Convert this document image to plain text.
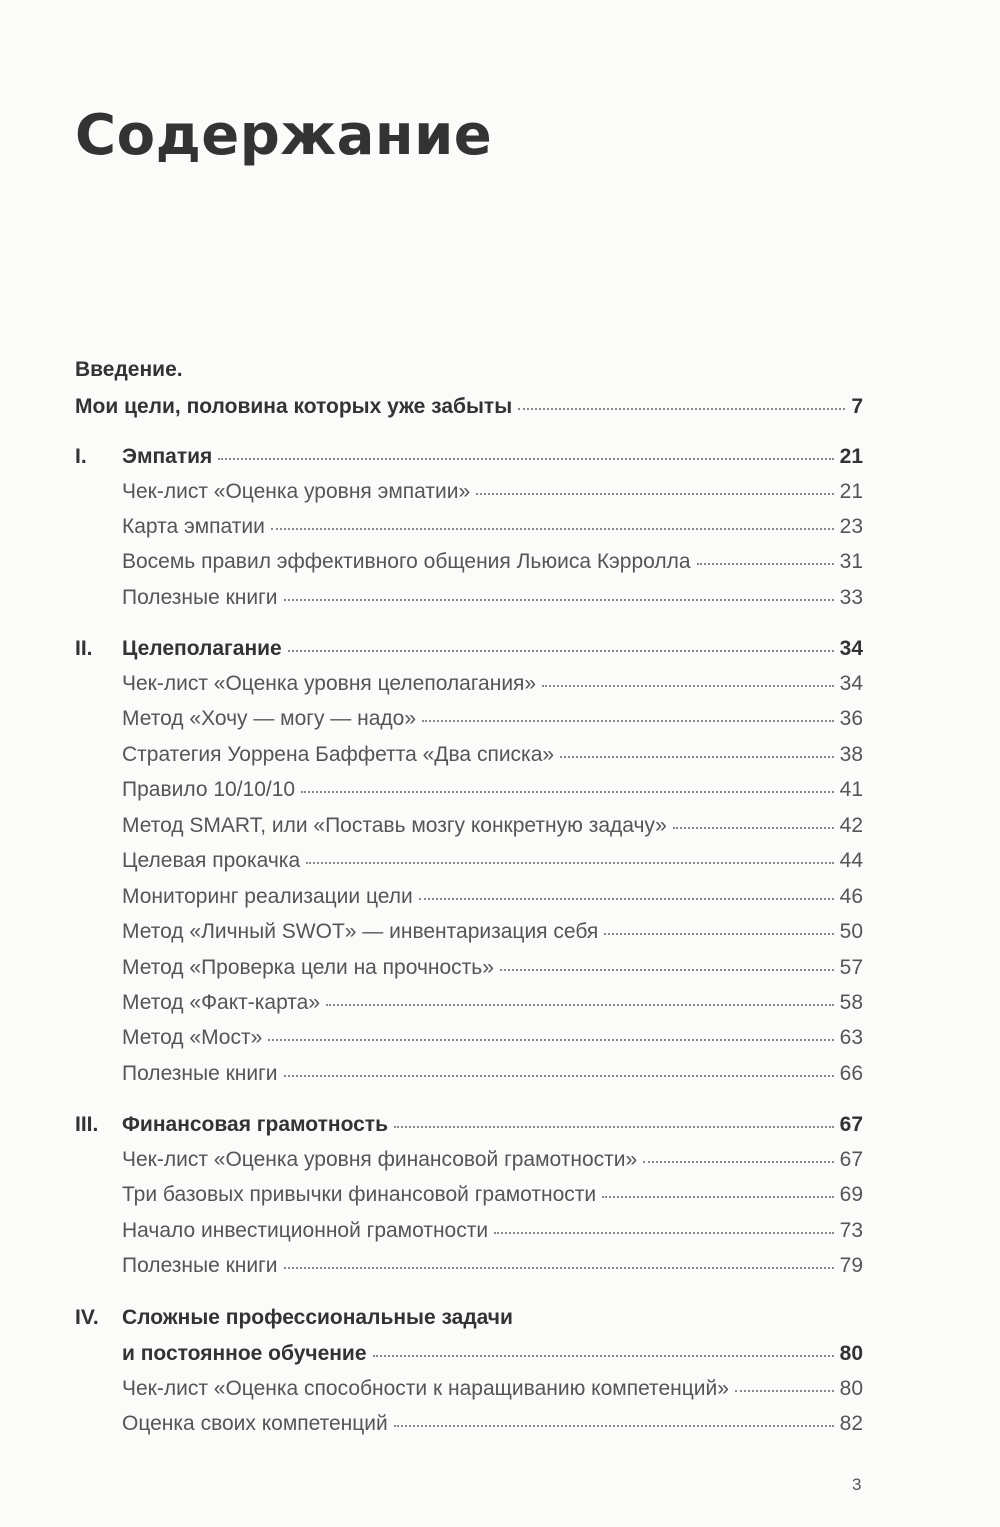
Содержание
Введение.
Мои цели, половина которых уже забыты	7
I.	Эмпатия	21
Чек-лист «Оценка уровня эмпатии»	21
Карта эмпатии	23
Восемь правил эффективного общения Льюиса Кэрролла	31
Полезные книги	33
II.	Целеполагание	34
Чек-лист «Оценка уровня целеполагания»	34
Метод «Хочу — могу — надо»	36
Стратегия Уоррена Баффетта «Два списка»	38
Правило 10/10/10	41
Метод SMART, или «Поставь мозгу конкретную задачу»	42
Целевая прокачка	44
Мониторинг реализации цели	46
Метод «Личный SWOT» — инвентаризация себя	50
Метод «Проверка цели на прочность»	57
Метод «Факт-карта»	58
Метод «Мост»	63
Полезные книги	66
III.	Финансовая грамотность	67
Чек-лист «Оценка уровня финансовой грамотности»	67
Три базовых привычки финансовой грамотности	69
Начало инвестиционной грамотности	73
Полезные книги	79
IV. Сложные профессиональные задачи
и постоянное обучение	80
Чек-лист «Оценка способности к наращиванию компетенций»	80
Оценка своих компетенций	82
3
